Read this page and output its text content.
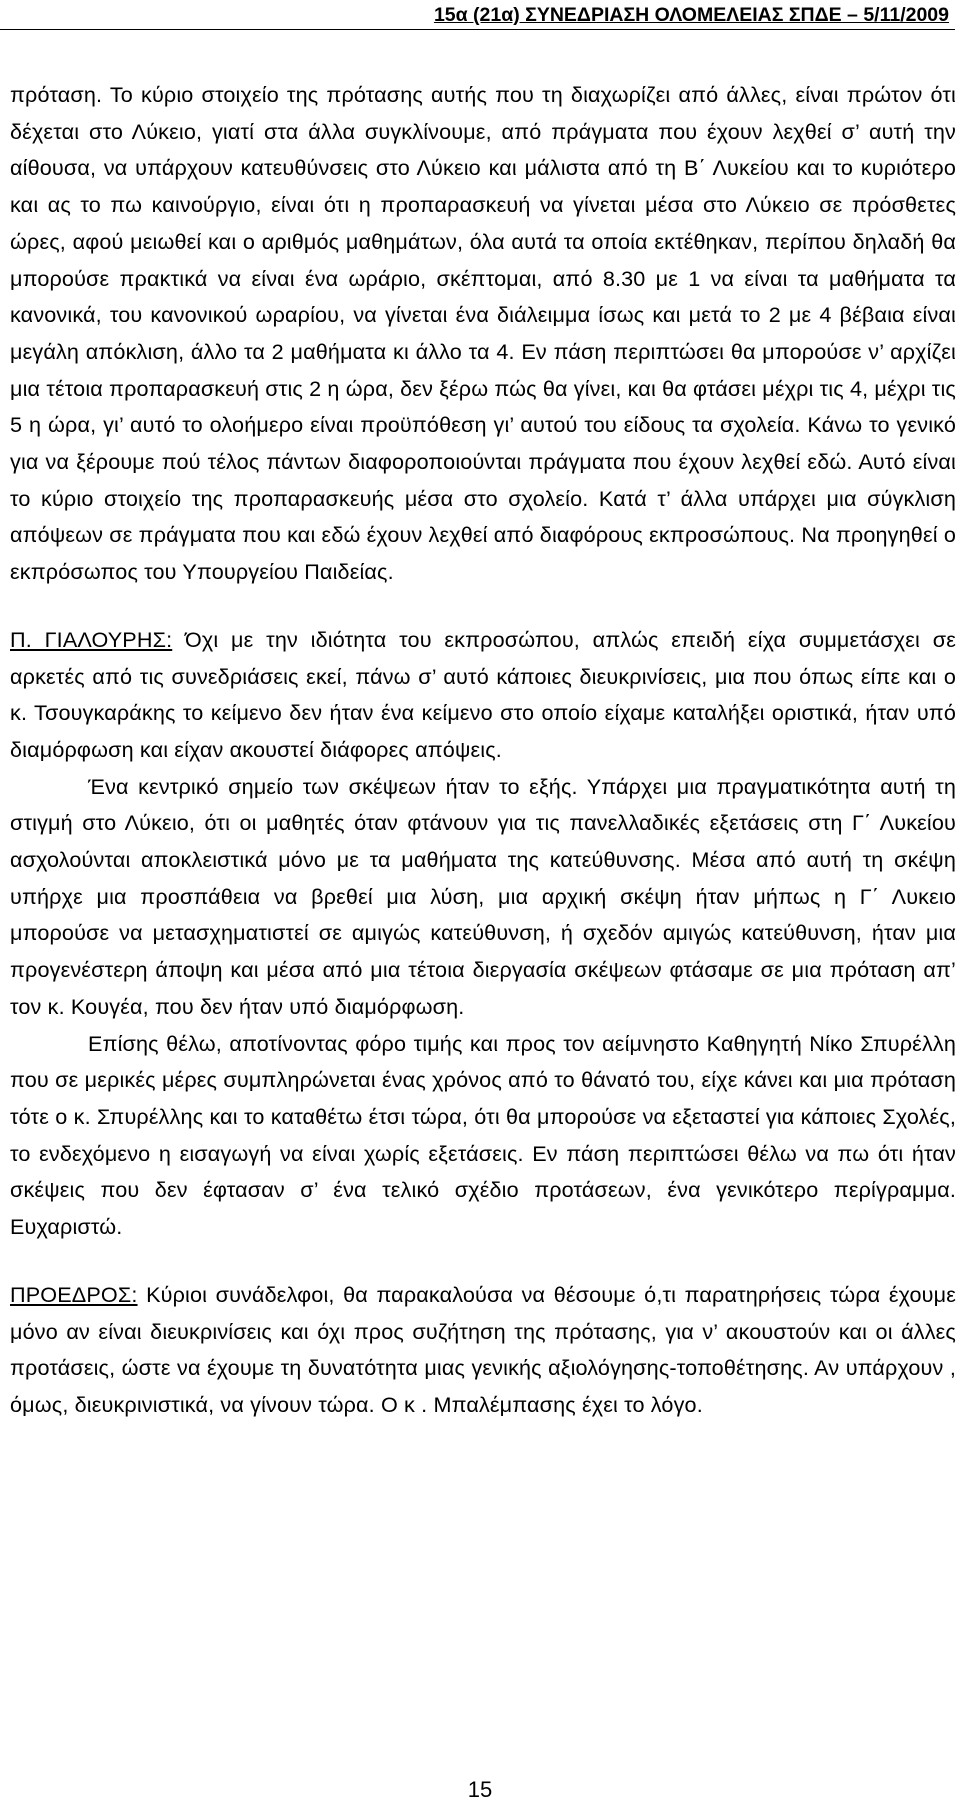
15α (21α) ΣΥΝΕΔΡΙΑΣΗ ΟΛΟΜΕΛΕΙΑΣ ΣΠΔΕ – 5/11/2009

πρόταση. Το κύριο στοιχείο της πρότασης αυτής που τη διαχωρίζει από άλλες, είναι πρώτον ότι δέχεται στο Λύκειο, γιατί στα άλλα συγκλίνουμε, από πράγματα που έχουν λεχθεί σ’ αυτή την αίθουσα, να υπάρχουν κατευθύνσεις στο Λύκειο και μάλιστα από τη Β΄ Λυκείου και το κυριότερο και ας το πω καινούργιο, είναι ότι η προπαρασκευή να γίνεται μέσα στο Λύκειο σε πρόσθετες ώρες, αφού μειωθεί και ο αριθμός μαθημάτων, όλα αυτά τα οποία εκτέθηκαν, περίπου δηλαδή θα μπορούσε πρακτικά να είναι ένα ωράριο, σκέπτομαι, από 8.30 με 1 να είναι τα μαθήματα τα κανονικά, του κανονικού ωραρίου, να γίνεται ένα διάλειμμα ίσως και μετά το 2 με 4 βέβαια είναι μεγάλη απόκλιση, άλλο τα 2 μαθήματα κι άλλο τα 4. Εν πάση περιπτώσει θα μπορούσε ν’ αρχίζει μια τέτοια προπαρασκευή στις 2 η ώρα, δεν ξέρω πώς θα γίνει, και θα φτάσει μέχρι τις 4, μέχρι τις 5 η ώρα, γι’ αυτό το ολοήμερο είναι προϋπόθεση γι’ αυτού του είδους τα σχολεία. Κάνω το γενικό για να ξέρουμε πού τέλος πάντων διαφοροποιούνται πράγματα που έχουν λεχθεί εδώ. Αυτό είναι το κύριο στοιχείο της προπαρασκευής μέσα στο σχολείο. Κατά τ’ άλλα υπάρχει μια σύγκλιση απόψεων σε πράγματα που και εδώ έχουν λεχθεί από διαφόρους εκπροσώπους. Να προηγηθεί ο εκπρόσωπος του Υπουργείου Παιδείας.

Π. ΓΙΑΛΟΥΡΗΣ: Όχι με την ιδιότητα του εκπροσώπου, απλώς επειδή είχα συμμετάσχει σε αρκετές από τις συνεδριάσεις εκεί, πάνω σ’ αυτό κάποιες διευκρινίσεις, μια που όπως είπε και ο κ. Τσουγκαράκης το κείμενο δεν ήταν ένα κείμενο στο οποίο είχαμε καταλήξει οριστικά, ήταν υπό διαμόρφωση και είχαν ακουστεί διάφορες απόψεις.

Ένα κεντρικό σημείο των σκέψεων ήταν το εξής. Υπάρχει μια πραγματικότητα αυτή τη στιγμή στο Λύκειο, ότι οι μαθητές όταν φτάνουν για τις πανελλαδικές εξετάσεις στη Γ΄ Λυκείου ασχολούνται αποκλειστικά μόνο με τα μαθήματα της κατεύθυνσης. Μέσα από αυτή τη σκέψη υπήρχε μια προσπάθεια να βρεθεί μια λύση, μια αρχική σκέψη ήταν μήπως η Γ΄ Λυκειο μπορούσε να μετασχηματιστεί σε αμιγώς κατεύθυνση, ή σχεδόν αμιγώς κατεύθυνση, ήταν μια προγενέστερη άποψη και μέσα από μια τέτοια διεργασία σκέψεων φτάσαμε σε μια πρόταση απ’ τον κ. Κουγέα, που δεν ήταν υπό διαμόρφωση.

Επίσης θέλω, αποτίνοντας φόρο τιμής και προς τον αείμνηστο Καθηγητή Νίκο Σπυρέλλη που σε μερικές μέρες συμπληρώνεται ένας χρόνος από το θάνατό του, είχε κάνει και μια πρόταση τότε ο κ. Σπυρέλλης και το καταθέτω έτσι τώρα, ότι θα μπορούσε να εξεταστεί για κάποιες Σχολές, το ενδεχόμενο η εισαγωγή να είναι χωρίς εξετάσεις. Εν πάση περιπτώσει θέλω να πω ότι ήταν σκέψεις που δεν έφτασαν σ’ ένα τελικό σχέδιο προτάσεων, ένα γενικότερο περίγραμμα. Ευχαριστώ.

ΠΡΟΕΔΡΟΣ: Κύριοι συνάδελφοι, θα παρακαλούσα να θέσουμε ό,τι παρατηρήσεις τώρα έχουμε μόνο αν είναι διευκρινίσεις και όχι προς συζήτηση της πρότασης, για ν’ ακουστούν και οι άλλες προτάσεις, ώστε να έχουμε τη δυνατότητα μιας γενικής αξιολόγησης-τοποθέτησης. Αν υπάρχουν , όμως, διευκρινιστικά, να γίνουν τώρα. Ο κ . Μπαλέμπασης έχει το λόγο.

15
